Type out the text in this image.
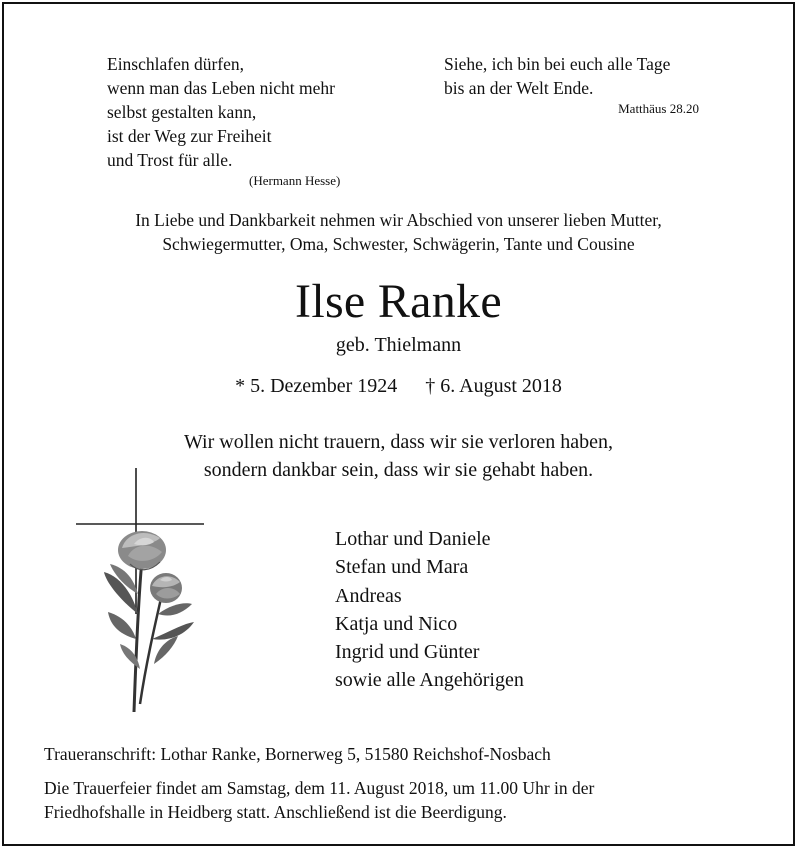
Einschlafen dürfen,
wenn man das Leben nicht mehr
selbst gestalten kann,
ist der Weg zur Freiheit
und Trost für alle.
(Hermann Hesse)
Siehe, ich bin bei euch alle Tage
bis an der Welt Ende.
Matthäus 28.20
In Liebe und Dankbarkeit nehmen wir Abschied von unserer lieben Mutter,
Schwiegermutter, Oma, Schwester, Schwägerin, Tante und Cousine
Ilse Ranke
geb. Thielmann
* 5. Dezember 1924 † 6. August 2018
Wir wollen nicht trauern, dass wir sie verloren haben,
sondern dankbar sein, dass wir sie gehabt haben.
Lothar und Daniele
Stefan und Mara
Andreas
Katja und Nico
Ingrid und Günter
sowie alle Angehörigen
Traueranschrift: Lothar Ranke, Bornerweg 5, 51580 Reichshof-Nosbach
Die Trauerfeier findet am Samstag, dem 11. August 2018, um 11.00 Uhr in der
Friedhofshalle in Heidberg statt. Anschließend ist die Beerdigung.
